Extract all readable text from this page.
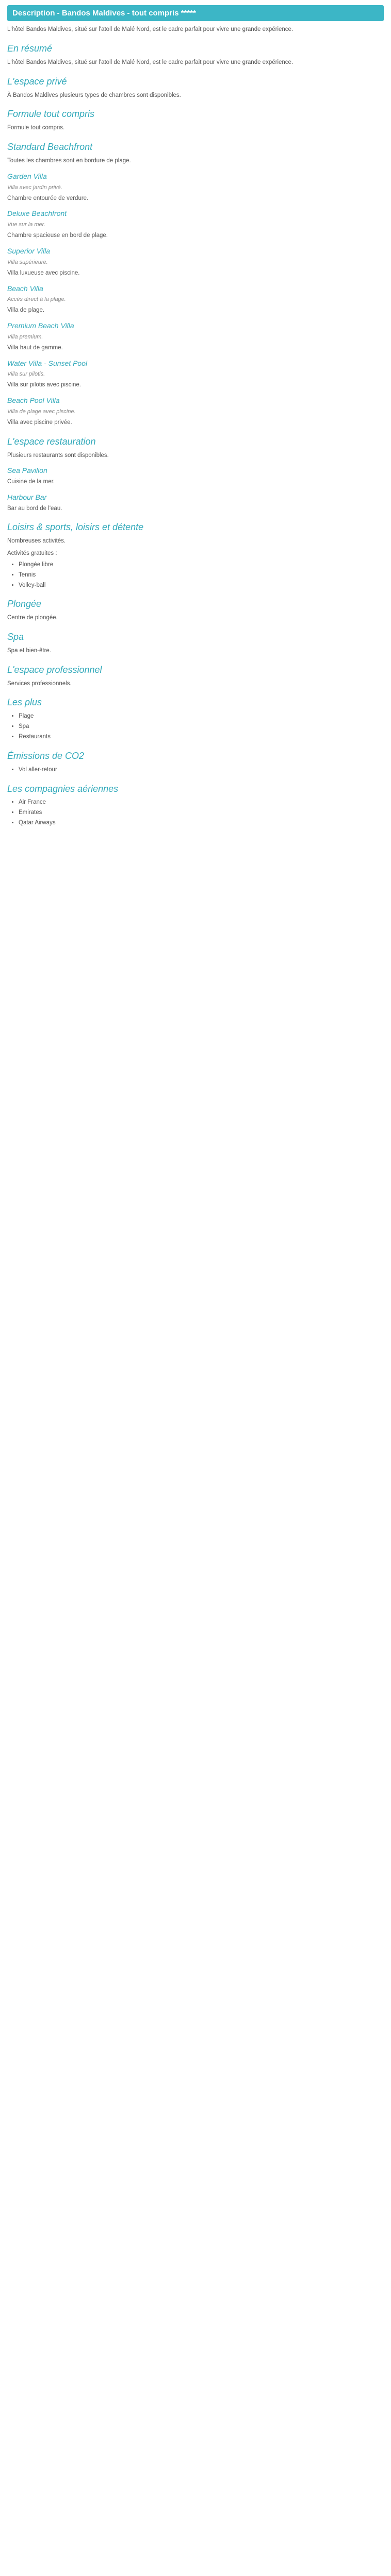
Description - Bandos Maldives - tout compris *****

L'hôtel Bandos Maldives, situé sur l'atoll de Malé Nord, est le cadre parfait pour vivre une grande expérience.

En résumé

L'hôtel Bandos Maldives, situé sur l'atoll de Malé Nord, est le cadre parfait pour vivre une grande expérience.

L'espace privé

À Bandos Maldives plusieurs types de chambres sont disponibles.

Formule tout compris

Formule tout compris.

Standard Beachfront

Toutes les chambres sont en bordure de plage.

Garden Villa
Villa avec jardin privé.

Chambre entourée de verdure.

Deluxe Beachfront
Vue sur la mer.

Chambre spacieuse en bord de plage.

Superior Villa
Villa supérieure.

Villa luxueuse avec piscine.

Beach Villa
Accès direct à la plage.

Villa de plage.

Premium Beach Villa
Villa premium.

Villa haut de gamme.

Water Villa - Sunset Pool
Villa sur pilotis.

Villa sur pilotis avec piscine.

Beach Pool Villa
Villa de plage avec piscine.

Villa avec piscine privée.

L'espace restauration

Plusieurs restaurants sont disponibles.

Sea Pavilion

Cuisine de la mer.

Harbour Bar

Bar au bord de l'eau.

Loisirs & sports, loisirs et détente

Nombreuses activités.

Activités gratuites :
• Plongée libre
• Tennis
• Volley-ball
Plongée

Centre de plongée.

Spa

Spa et bien-être.

L'espace professionnel

Services professionnels.

Les plus
• Plage
• Spa
• Restaurants
Émissions de CO2
• Vol aller-retour
Les compagnies aériennes
• Air France
• Emirates
• Qatar Airways
